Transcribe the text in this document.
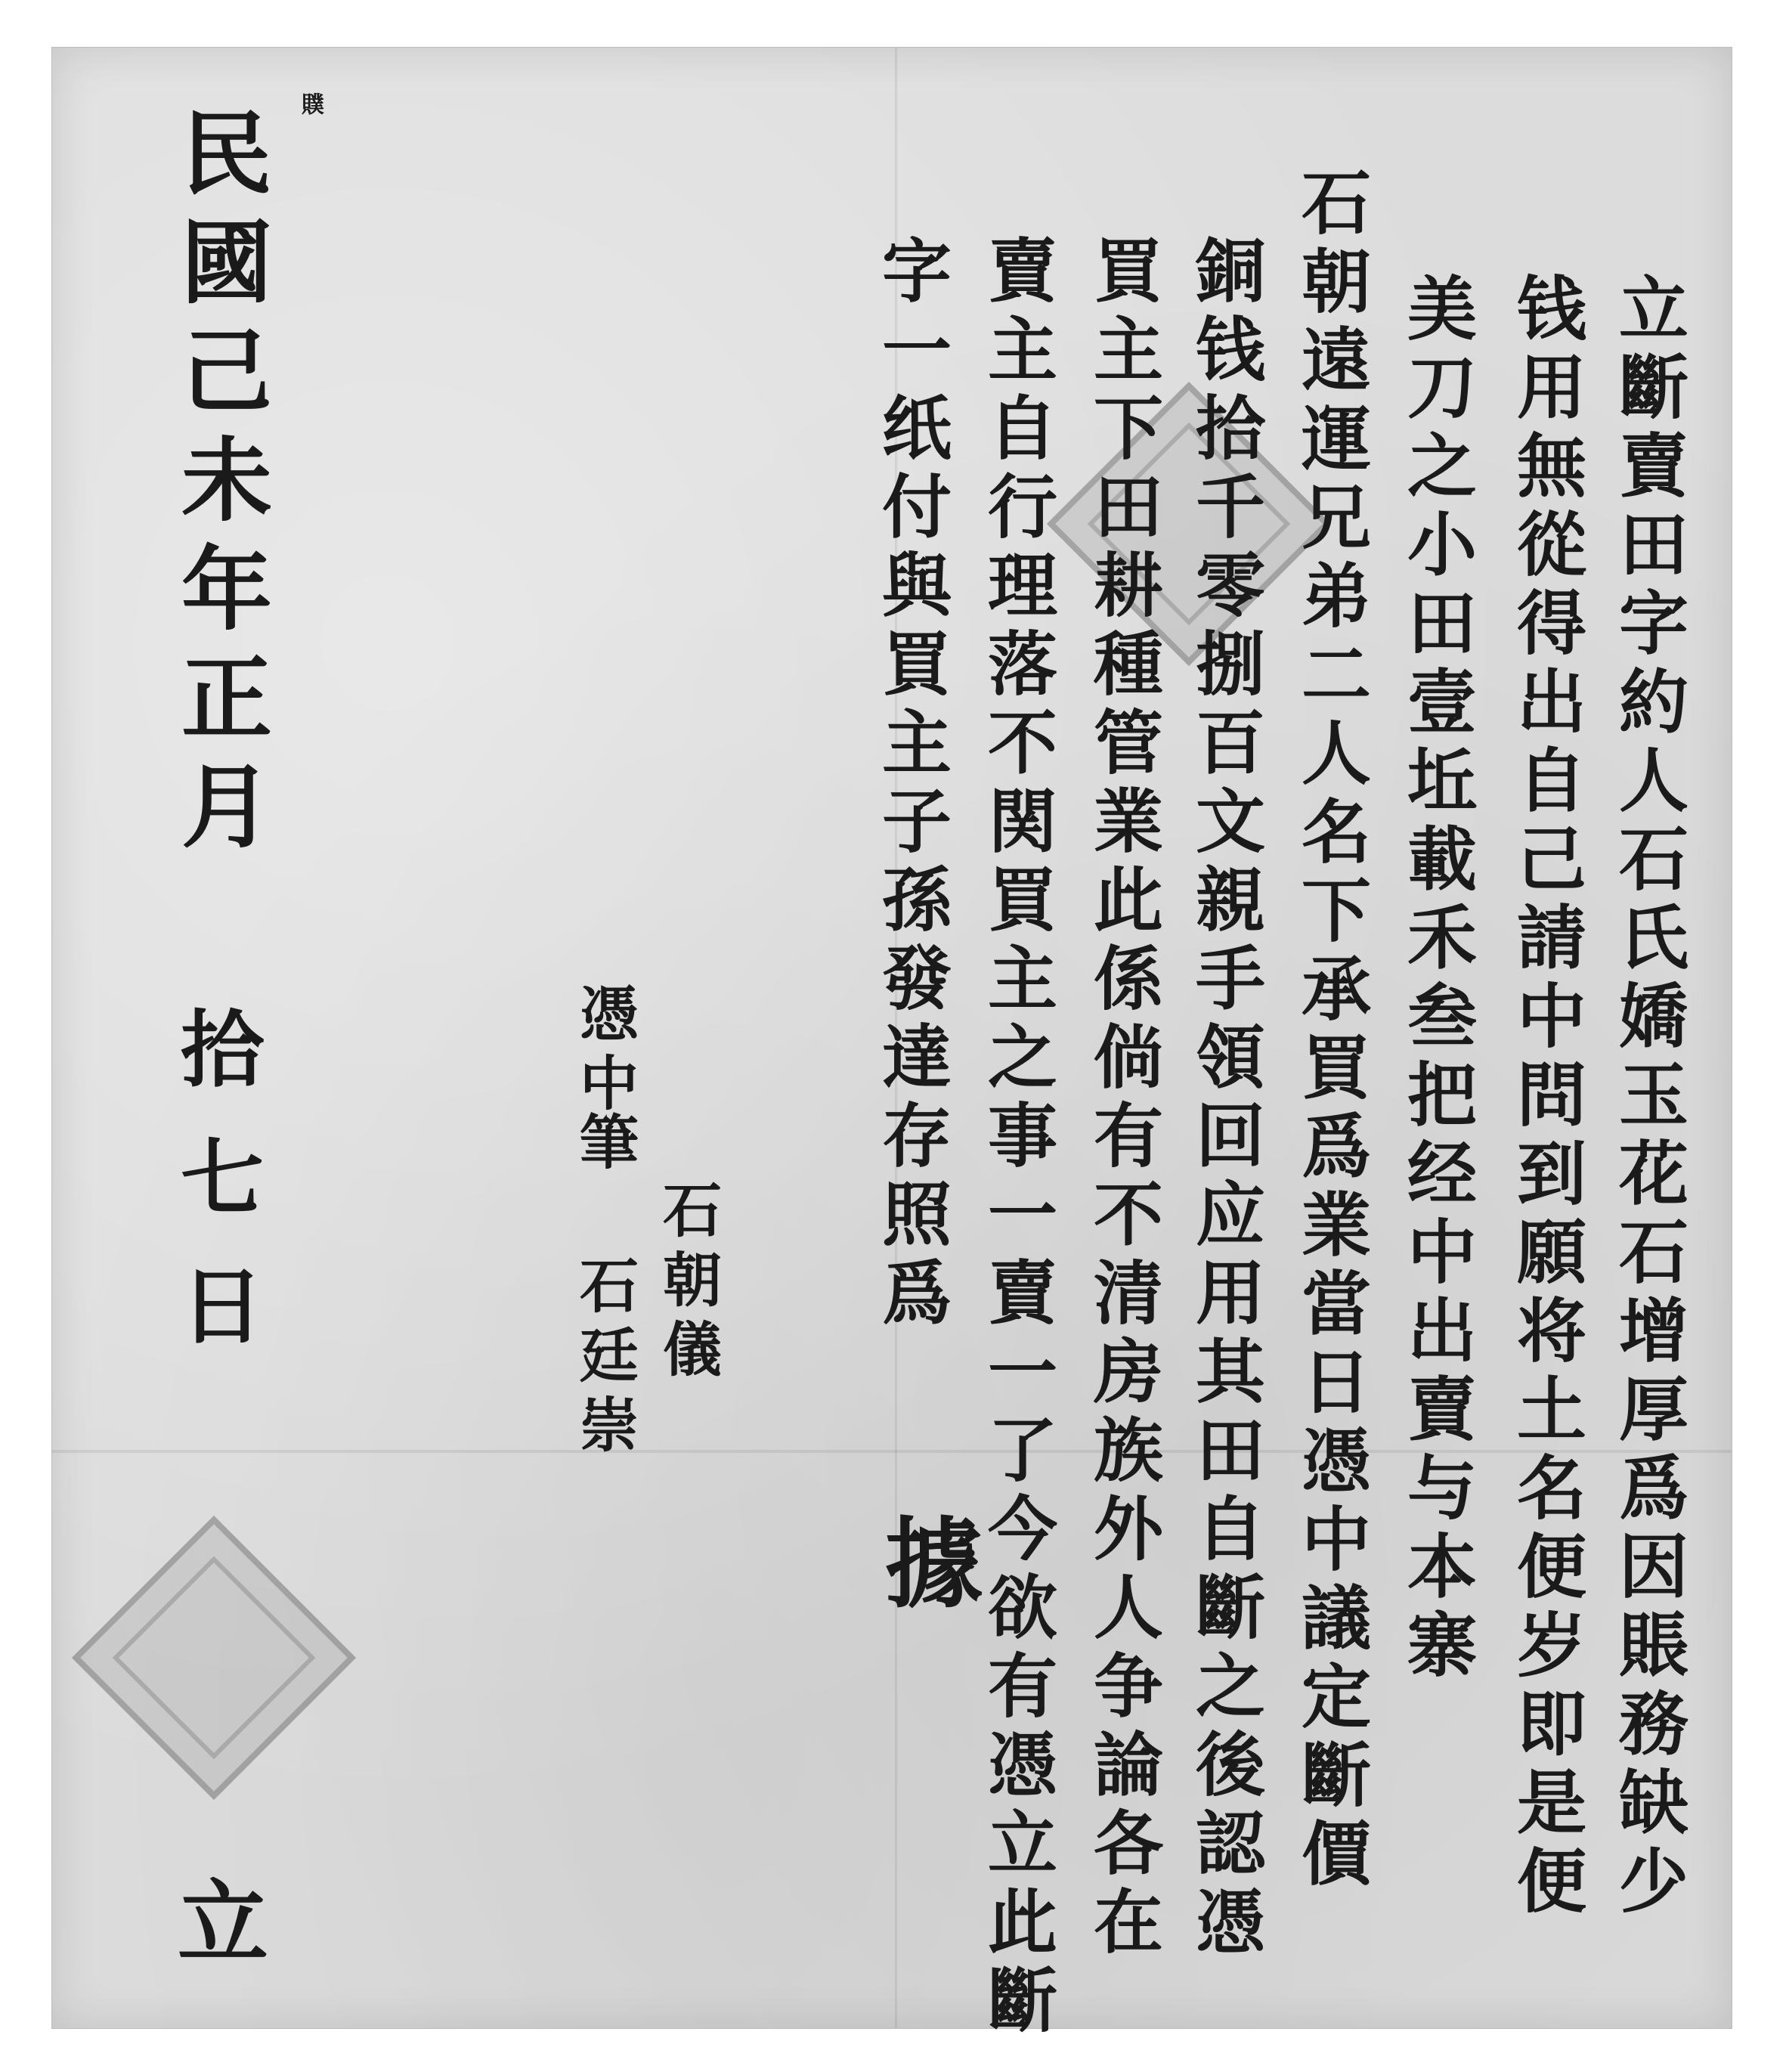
贌
立斷賣田字約人石氏嬌玉花石增厚爲因賬務缺少
钱用無從得出自己請中問到願将土名便岁即是便
美刀之小田壹坵載禾叁把经中出賣与本寨
石朝遠運兄弟二人名下承買爲業當日憑中議定斷價
銅钱拾千零捌百文親手領回应用其田自斷之後認憑
買主下田耕種管業此係倘有不清房族外人争論各在
賣主自行理落不関買主之事一賣一了今欲有憑立此斷
字一纸付與買主子孫發達存照爲
據
憑中
石朝儀
筆
石廷崇
民國己未年正月
拾七日
立
